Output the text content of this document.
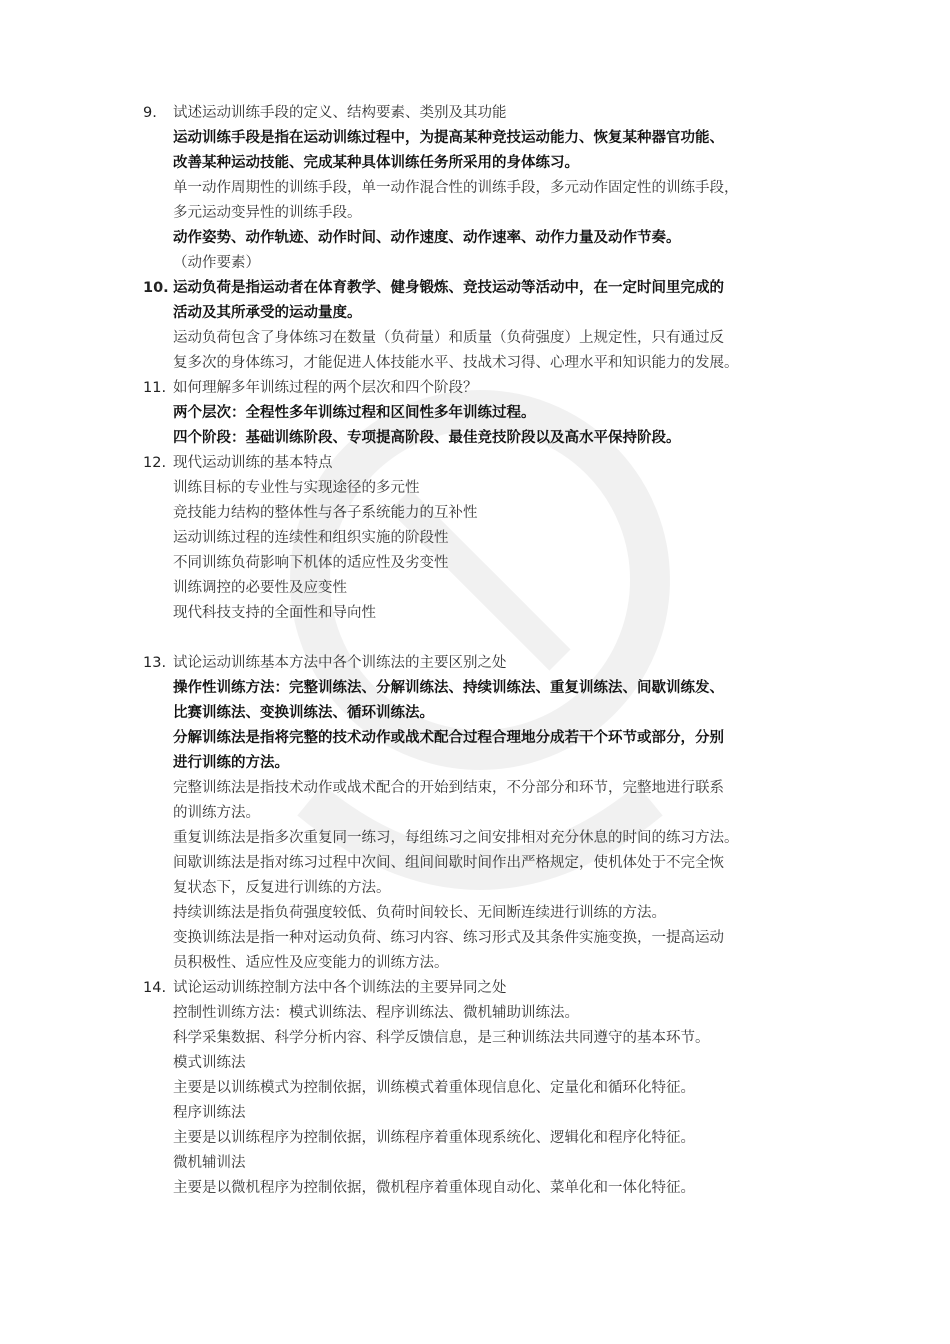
9.	试述运动训练手段的定义、结构要素、类别及其功能
运动训练手段是指在运动训练过程中，为提高某种竞技运动能力、恢复某种器官功能、
改善某种运动技能、完成某种具体训练任务所采用的身体练习。
单一动作周期性的训练手段，单一动作混合性的训练手段，多元动作固定性的训练手段，
多元运动变异性的训练手段。
动作姿势、动作轨迹、动作时间、动作速度、动作速率、动作力量及动作节奏。
（动作要素）
10. 运动负荷是指运动者在体育教学、健身锻炼、竞技运动等活动中，在一定时间里完成的
活动及其所承受的运动量度。
运动负荷包含了身体练习在数量（负荷量）和质量（负荷强度）上规定性，只有通过反
复多次的身体练习，才能促进人体技能水平、技战术习得、心理水平和知识能力的发展。
11. 如何理解多年训练过程的两个层次和四个阶段？
两个层次：全程性多年训练过程和区间性多年训练过程。
四个阶段：基础训练阶段、专项提高阶段、最佳竞技阶段以及高水平保持阶段。
12. 现代运动训练的基本特点
训练目标的专业性与实现途径的多元性
竞技能力结构的整体性与各子系统能力的互补性
运动训练过程的连续性和组织实施的阶段性
不同训练负荷影响下机体的适应性及劣变性
训练调控的必要性及应变性
现代科技支持的全面性和导向性
13. 试论运动训练基本方法中各个训练法的主要区别之处
操作性训练方法：完整训练法、分解训练法、持续训练法、重复训练法、间歇训练发、
比赛训练法、变换训练法、循环训练法。
分解训练法是指将完整的技术动作或战术配合过程合理地分成若干个环节或部分，分别
进行训练的方法。
完整训练法是指技术动作或战术配合的开始到结束，不分部分和环节，完整地进行联系
的训练方法。
重复训练法是指多次重复同一练习，每组练习之间安排相对充分休息的时间的练习方法。
间歇训练法是指对练习过程中次间、组间间歇时间作出严格规定，使机体处于不完全恢
复状态下，反复进行训练的方法。
持续训练法是指负荷强度较低、负荷时间较长、无间断连续进行训练的方法。
变换训练法是指一种对运动负荷、练习内容、练习形式及其条件实施变换，一提高运动
员积极性、适应性及应变能力的训练方法。
14. 试论运动训练控制方法中各个训练法的主要异同之处
控制性训练方法：模式训练法、程序训练法、微机辅助训练法。
科学采集数据、科学分析内容、科学反馈信息，是三种训练法共同遵守的基本环节。
模式训练法
主要是以训练模式为控制依据，训练模式着重体现信息化、定量化和循环化特征。
程序训练法
主要是以训练程序为控制依据，训练程序着重体现系统化、逻辑化和程序化特征。
微机辅训法
主要是以微机程序为控制依据，微机程序着重体现自动化、菜单化和一体化特征。
